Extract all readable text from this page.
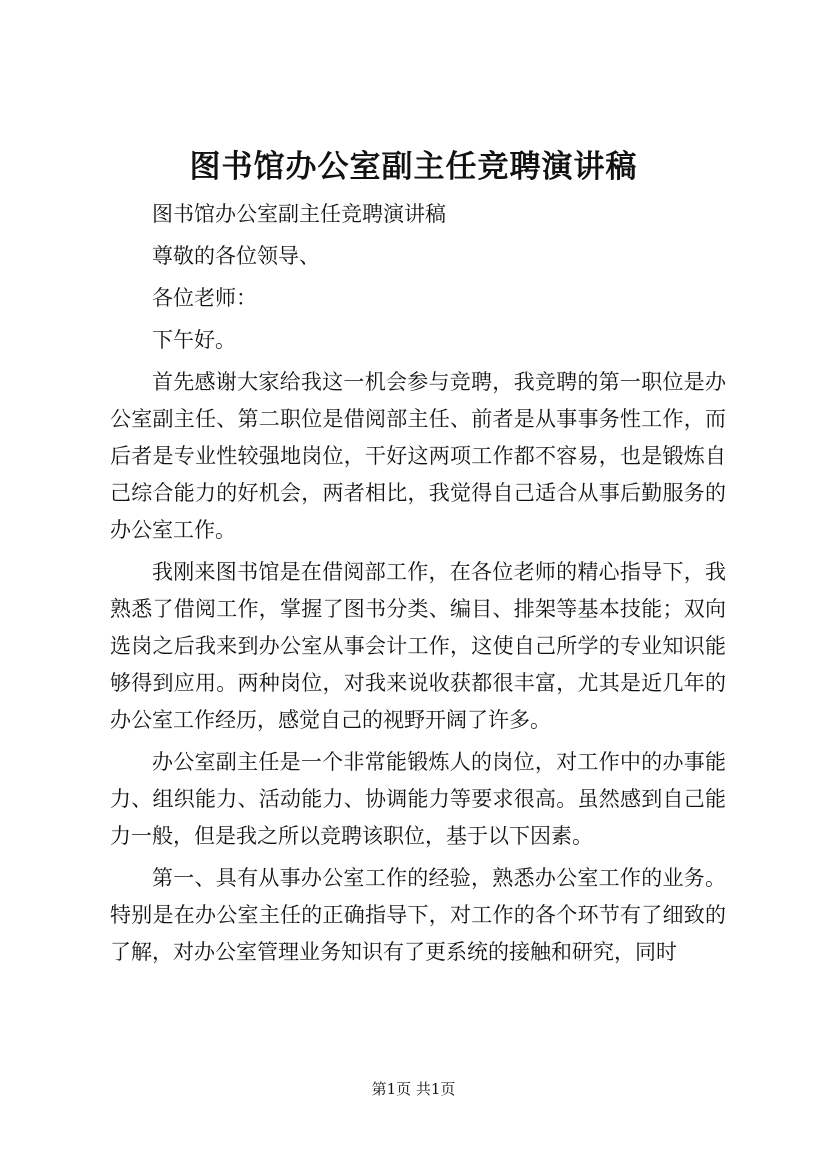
图书馆办公室副主任竞聘演讲稿

图书馆办公室副主任竞聘演讲稿

尊敬的各位领导、

各位老师：

下午好。

首先感谢大家给我这一机会参与竞聘，我竞聘的第一职位是办公室副主任、第二职位是借阅部主任、前者是从事事务性工作，而后者是专业性较强地岗位，干好这两项工作都不容易，也是锻炼自己综合能力的好机会，两者相比，我觉得自己适合从事后勤服务的办公室工作。

我刚来图书馆是在借阅部工作，在各位老师的精心指导下，我熟悉了借阅工作，掌握了图书分类、编目、排架等基本技能；双向选岗之后我来到办公室从事会计工作，这使自己所学的专业知识能够得到应用。两种岗位，对我来说收获都很丰富，尤其是近几年的办公室工作经历，感觉自己的视野开阔了许多。

办公室副主任是一个非常能锻炼人的岗位，对工作中的办事能力、组织能力、活动能力、协调能力等要求很高。虽然感到自己能力一般，但是我之所以竞聘该职位，基于以下因素。

第一、具有从事办公室工作的经验，熟悉办公室工作的业务。特别是在办公室主任的正确指导下，对工作的各个环节有了细致的了解，对办公室管理业务知识有了更系统的接触和研究，同时

第1页 共1页
